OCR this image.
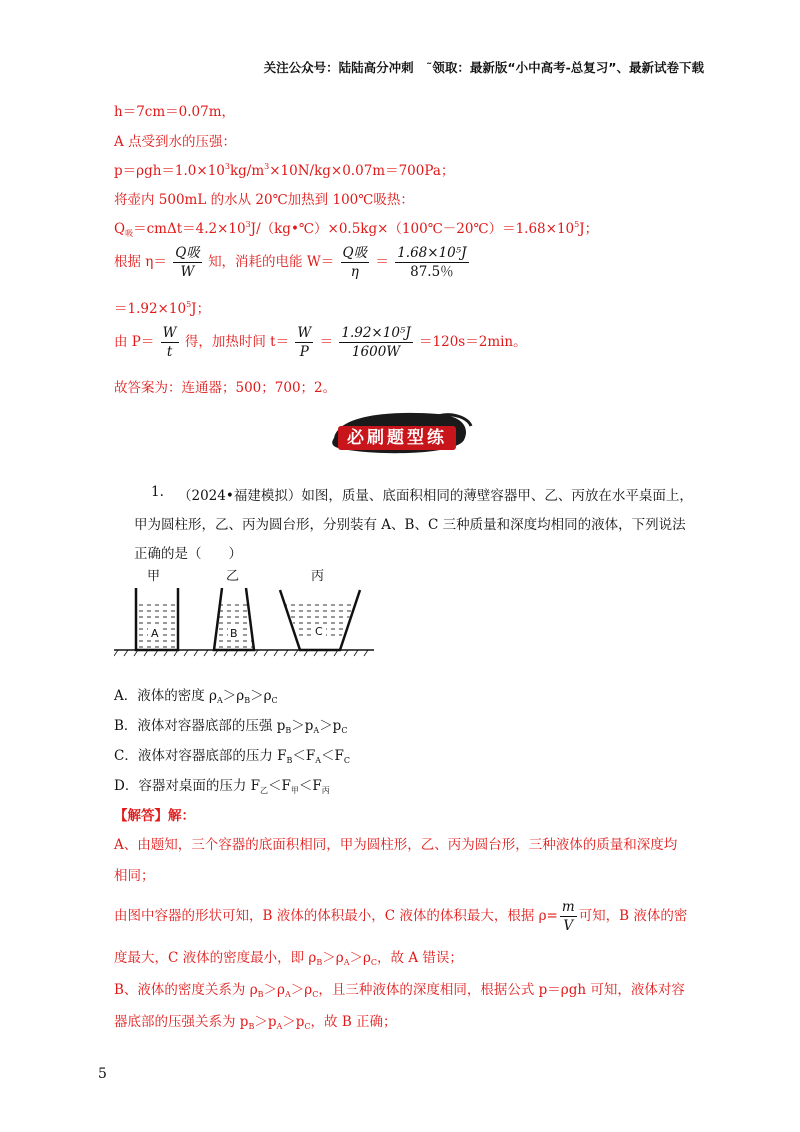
关注公众号：陆陆高分冲刺　˜领取：最新版“小中高考-总复习”、最新试卷下载
h＝7cm＝0.07m，
A 点受到水的压强：
$p=\rho gh=1.0\times 10^3kg/m^3\times 10N/kg\times 0.07m=700Pa$；
将壶内 500mL 的水从 20℃加热到 100℃吸热：
$Q_吸=cm\Delta t=4.2\times 10^3J/(kg•℃)\times 0.5kg\times(100℃-20℃)=1.68\times 10^5J$；
根据 $\eta= \frac{\text{Q吸}}{W}$ 知，消耗的电能 $W= \frac{\text{Q吸}}{\eta} = \frac{\text{1.68×10⁵J}}{87.5\%}$
$=1.92\times 10^5J$；
由 $P= \frac{W}{t}$ 得，加热时间 $t= \frac{W}{P} = \frac{\text{1.92×10⁵J}}{1600W} =120s=2\min$。
故答案为：连通器；500；700；2。
必刷题型练
1. （2024•福建模拟）如图，质量、底面积相同的薄壁容器甲、乙、丙放在水平桌面上，
甲为圆柱形，乙、丙为圆台形，分别装有 A、B、C 三种质量和深度均相同的液体，下列说法
正确的是（　　）
甲	乙	丙
A	B	C
A．液体的密度 $\rho_A>\rho_B>\rho_C$
B．液体对容器底部的压强 $p_B>p_A>p_C$
C．液体对容器底部的压力 $F_B<F_A<F_C$
D．容器对桌面的压力 $F_乙<F_甲<F_丙$
【解答】解：
A、由题知，三个容器的底面积相同，甲为圆柱形，乙、丙为圆台形，三种液体的质量和深度均
相同；
由图中容器的形状可知，B 液体的体积最小，C 液体的体积最大，根据 $\rho= \frac{m}{V}$ 可知，B 液体的密
度最大，C 液体的密度最小，即 $\rho_B>\rho_A>\rho_C$，故 A 错误；
B、液体的密度关系为 $\rho_B>\rho_A>\rho_C$，且三种液体的深度相同，根据公式 p＝ρgh 可知，液体对容
器底部的压强关系为 $p_B>p_A>p_C$，故 B 正确；
5
